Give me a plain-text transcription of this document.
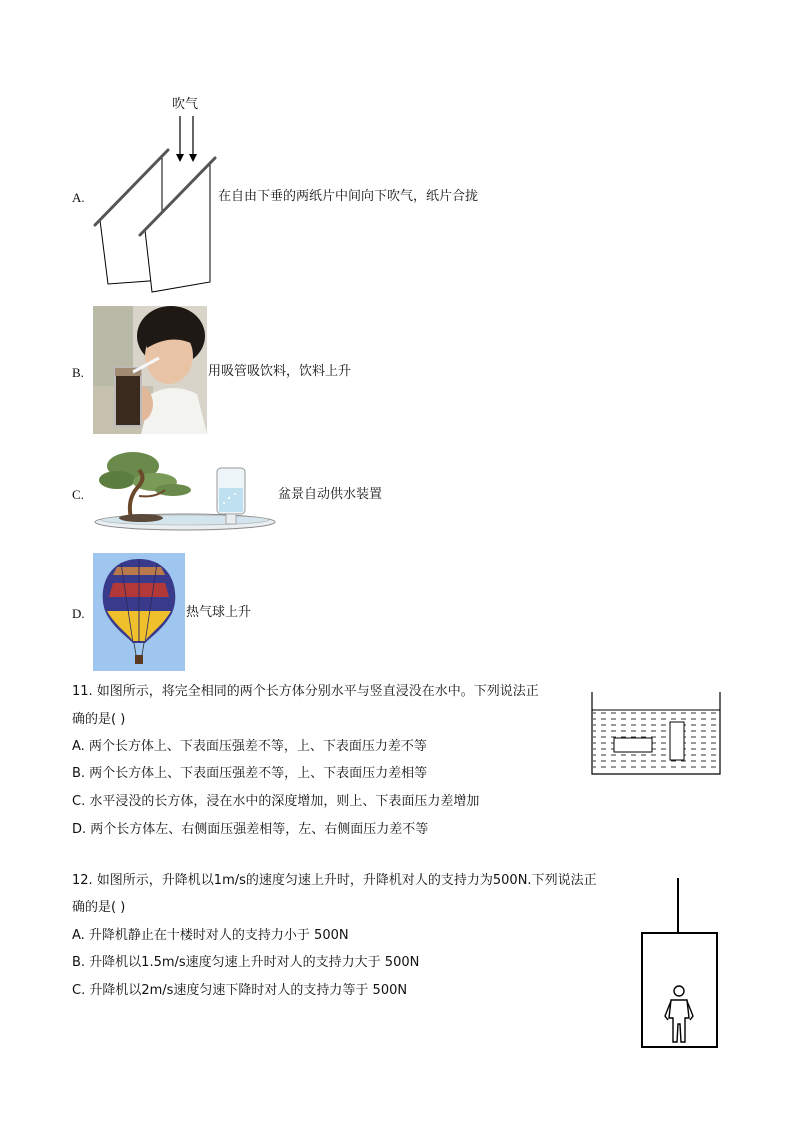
吹气
A.	在自由下垂的两纸片中间向下吹气，纸片合拢
B.	用吸管吸饮料，饮料上升
C.	盆景自动供水装置
D.	热气球上升
11. 如图所示，将完全相同的两个长方体分别水平与竖直浸没在水中。下列说法正
确的是( )
A. 两个长方体上、下表面压强差不等，上、下表面压力差不等
B. 两个长方体上、下表面压强差不等，上、下表面压力差相等
C. 水平浸没的长方体，浸在水中的深度增加，则上、下表面压力差增加
D. 两个长方体左、右侧面压强差相等，左、右侧面压力差不等
12. 如图所示，升降机以1m/s的速度匀速上升时，升降机对人的支持力为500N.下列说法正
确的是( )
A. 升降机静止在十楼时对人的支持力小于 500N
B. 升降机以1.5m/s速度匀速上升时对人的支持力大于 500N
C. 升降机以2m/s速度匀速下降时对人的支持力等于 500N
